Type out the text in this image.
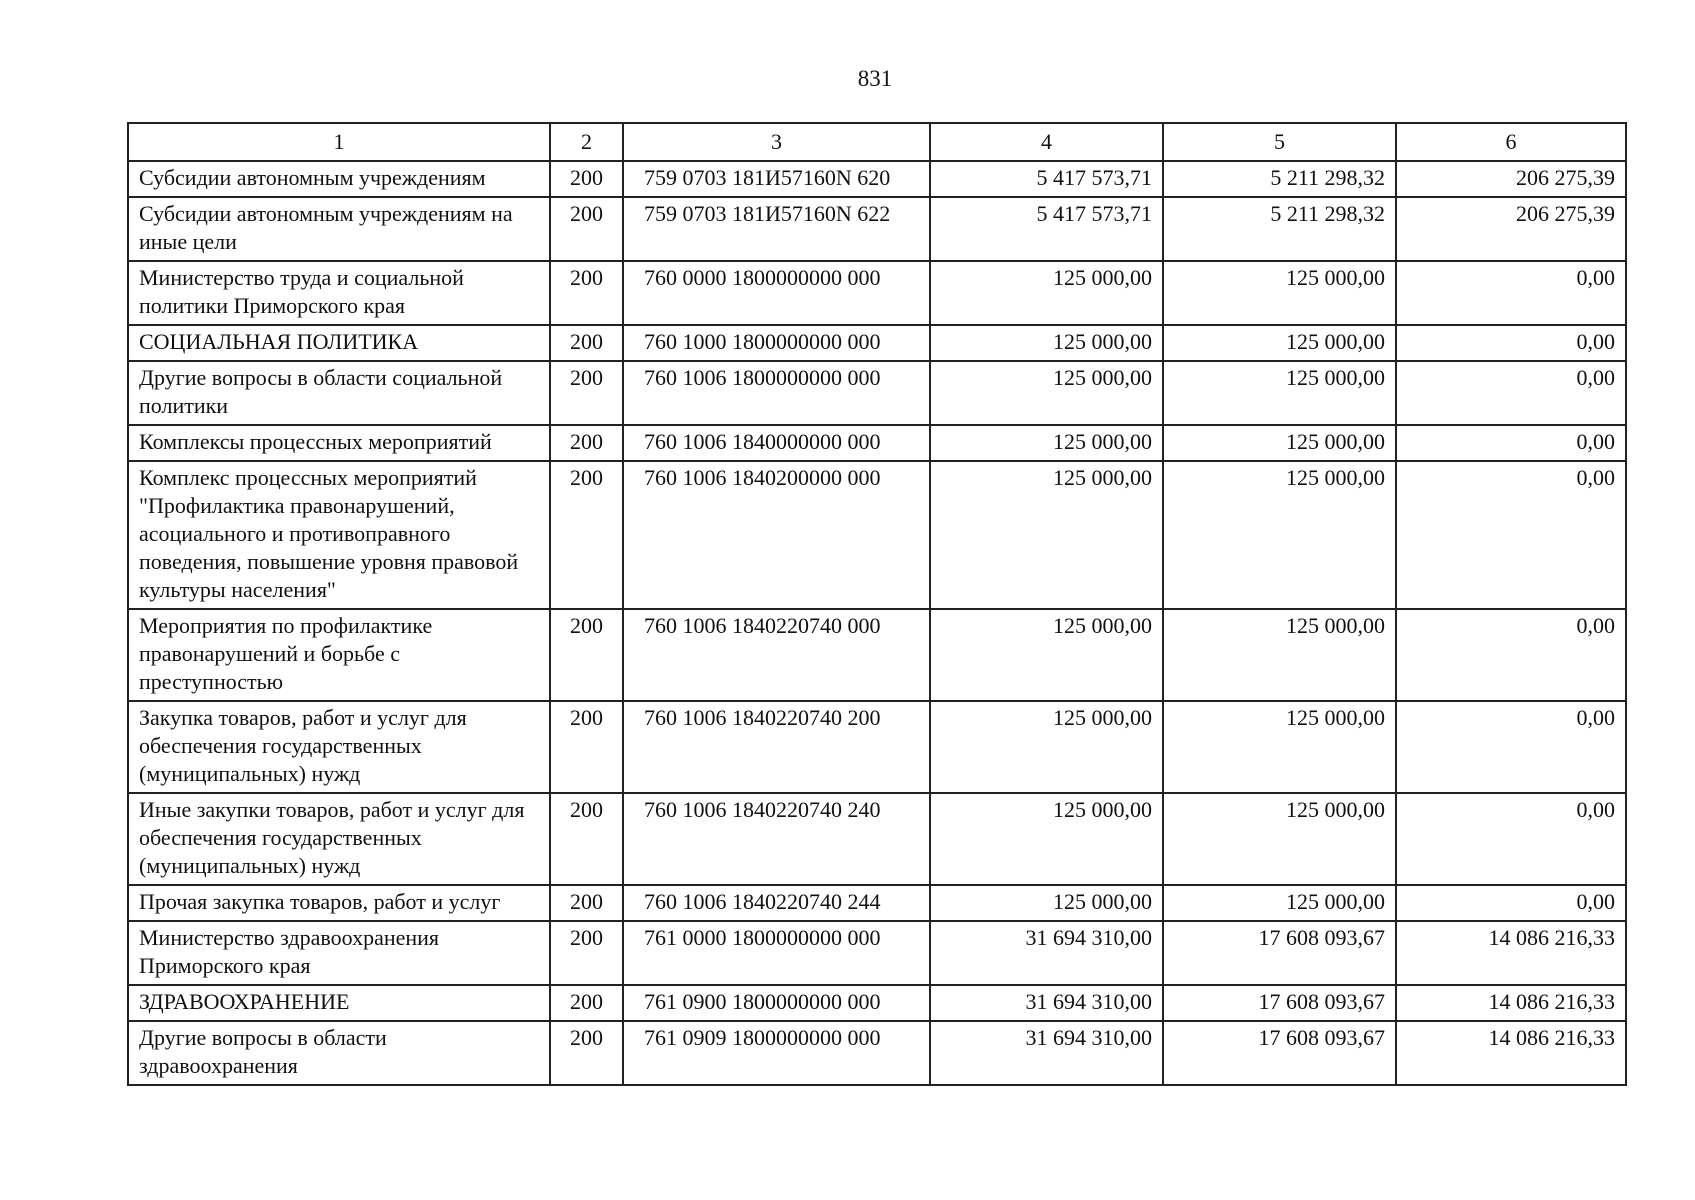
831
1	2	3	4	5	6
Субсидии автономным учреждениям	200	759 0703 181И57160N 620	5 417 573,71	5 211 298,32	206 275,39
Субсидии автономным учреждениям на иные цели	200	759 0703 181И57160N 622	5 417 573,71	5 211 298,32	206 275,39
Министерство труда и социальной политики Приморского края	200	760 0000 1800000000 000	125 000,00	125 000,00	0,00
СОЦИАЛЬНАЯ ПОЛИТИКА	200	760 1000 1800000000 000	125 000,00	125 000,00	0,00
Другие вопросы в области социальной политики	200	760 1006 1800000000 000	125 000,00	125 000,00	0,00
Комплексы процессных мероприятий	200	760 1006 1840000000 000	125 000,00	125 000,00	0,00
Комплекс процессных мероприятий "Профилактика правонарушений, асоциального и противоправного поведения, повышение уровня правовой культуры населения"	200	760 1006 1840200000 000	125 000,00	125 000,00	0,00
Мероприятия по профилактике правонарушений и борьбе с преступностью	200	760 1006 1840220740 000	125 000,00	125 000,00	0,00
Закупка товаров, работ и услуг для обеспечения государственных (муниципальных) нужд	200	760 1006 1840220740 200	125 000,00	125 000,00	0,00
Иные закупки товаров, работ и услуг для обеспечения государственных (муниципальных) нужд	200	760 1006 1840220740 240	125 000,00	125 000,00	0,00
Прочая закупка товаров, работ и услуг	200	760 1006 1840220740 244	125 000,00	125 000,00	0,00
Министерство здравоохранения Приморского края	200	761 0000 1800000000 000	31 694 310,00	17 608 093,67	14 086 216,33
ЗДРАВООХРАНЕНИЕ	200	761 0900 1800000000 000	31 694 310,00	17 608 093,67	14 086 216,33
Другие вопросы в области здравоохранения	200	761 0909 1800000000 000	31 694 310,00	17 608 093,67	14 086 216,33
